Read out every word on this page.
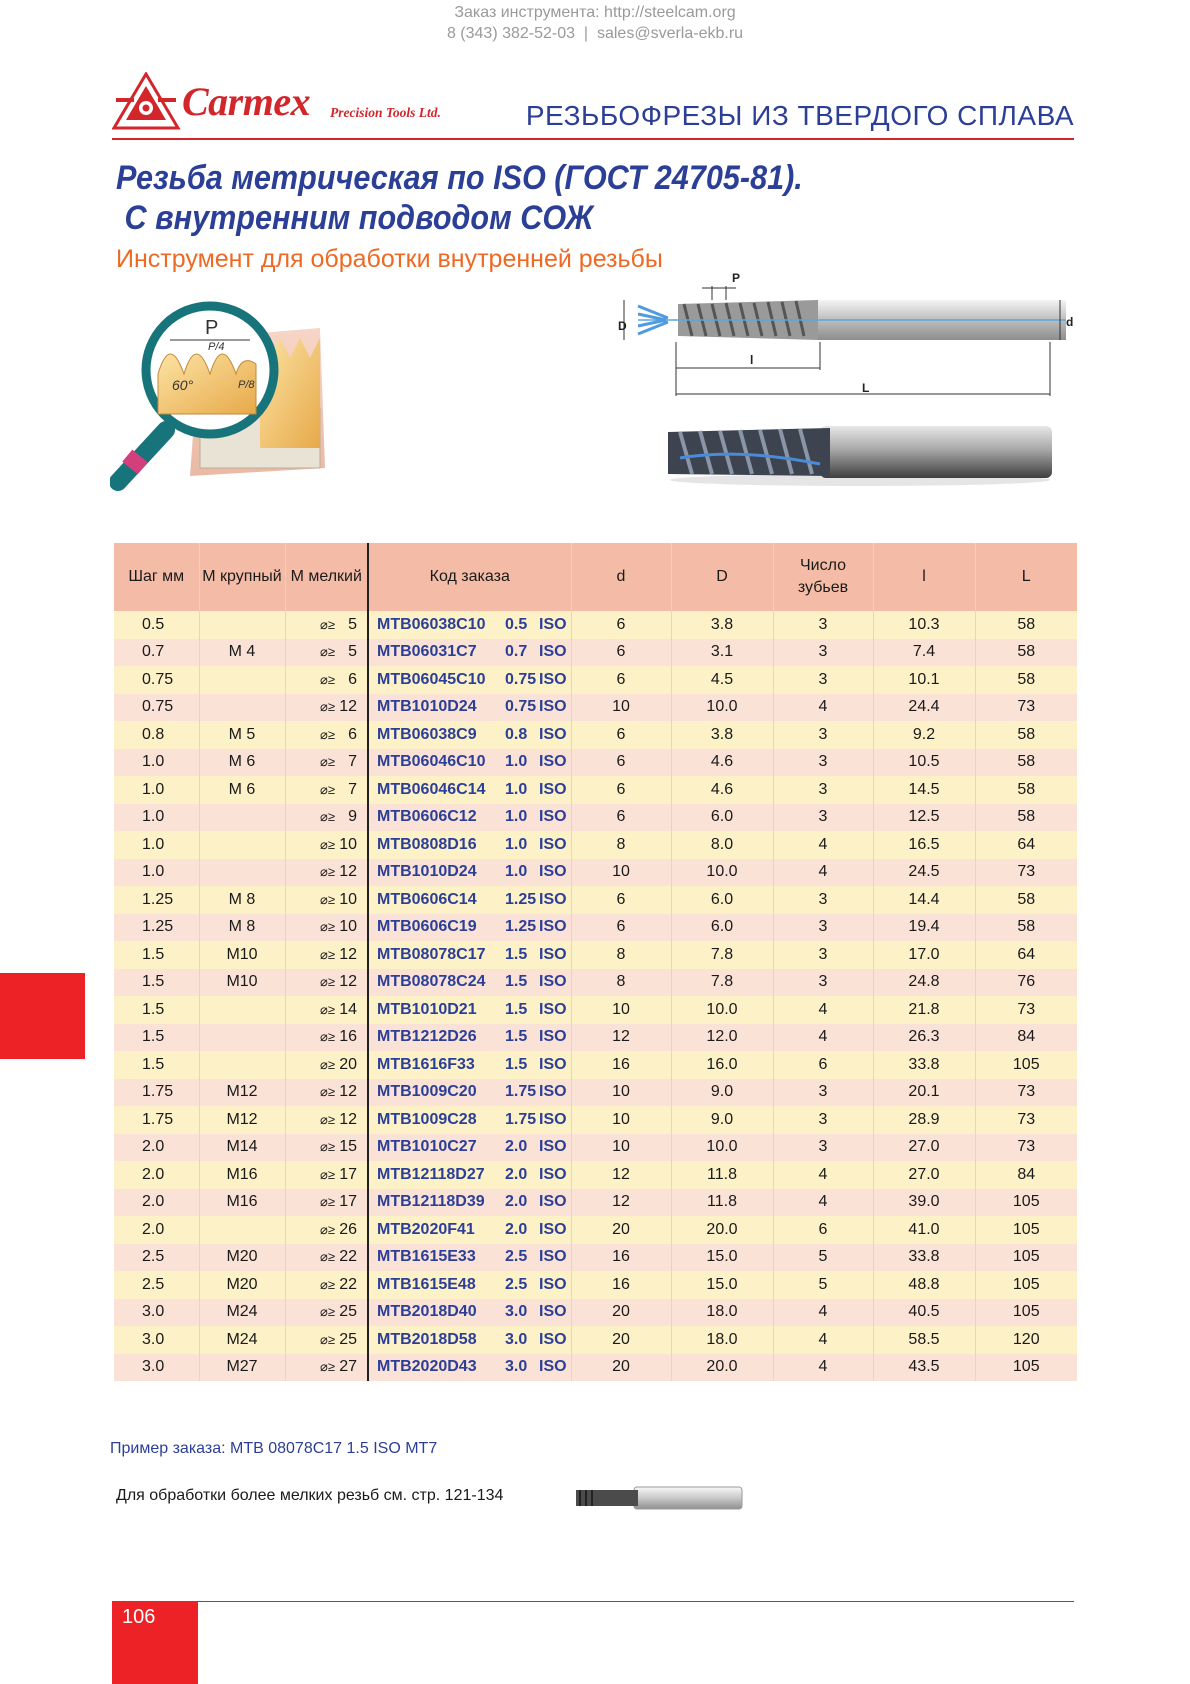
Заказ инструмента: http://steelcam.org
8 (343) 382-52-03  |  sales@sverla-ekb.ru
Carmex Precision Tools Ltd.	РЕЗЬБОФРЕЗЫ ИЗ ТВЕРДОГО СПЛАВА
Резьба метрическая по ISO (ГОСТ 24705-81).
С внутренним подводом СОЖ
Инструмент для обработки внутренней резьбы
P
P/4
P/8
60°
P
D	d
l
L
Шаг мм	M крупный	M мелкий	Код заказа	d	D	Число зубьев	l	L
0.5		⌀≥ 5	MTB06038C10 0.5 ISO	6	3.8	3	10.3	58
0.7	M 4	⌀≥ 5	MTB06031C7 0.7 ISO	6	3.1	3	7.4	58
0.75		⌀≥ 6	MTB06045C10 0.75 ISO	6	4.5	3	10.1	58
0.75		⌀≥ 12	MTB1010D24 0.75 ISO	10	10.0	4	24.4	73
0.8	M 5	⌀≥ 6	MTB06038C9 0.8 ISO	6	3.8	3	9.2	58
1.0	M 6	⌀≥ 7	MTB06046C10 1.0 ISO	6	4.6	3	10.5	58
1.0	M 6	⌀≥ 7	MTB06046C14 1.0 ISO	6	4.6	3	14.5	58
1.0		⌀≥ 9	MTB0606C12 1.0 ISO	6	6.0	3	12.5	58
1.0		⌀≥ 10	MTB0808D16 1.0 ISO	8	8.0	4	16.5	64
1.0		⌀≥ 12	MTB1010D24 1.0 ISO	10	10.0	4	24.5	73
1.25	M 8	⌀≥ 10	MTB0606C14 1.25 ISO	6	6.0	3	14.4	58
1.25	M 8	⌀≥ 10	MTB0606C19 1.25 ISO	6	6.0	3	19.4	58
1.5	M10	⌀≥ 12	MTB08078C17 1.5 ISO	8	7.8	3	17.0	64
1.5	M10	⌀≥ 12	MTB08078C24 1.5 ISO	8	7.8	3	24.8	76
1.5		⌀≥ 14	MTB1010D21 1.5 ISO	10	10.0	4	21.8	73
1.5		⌀≥ 16	MTB1212D26 1.5 ISO	12	12.0	4	26.3	84
1.5		⌀≥ 20	MTB1616F33 1.5 ISO	16	16.0	6	33.8	105
1.75	M12	⌀≥ 12	MTB1009C20 1.75 ISO	10	9.0	3	20.1	73
1.75	M12	⌀≥ 12	MTB1009C28 1.75 ISO	10	9.0	3	28.9	73
2.0	M14	⌀≥ 15	MTB1010C27 2.0 ISO	10	10.0	3	27.0	73
2.0	M16	⌀≥ 17	MTB12118D27 2.0 ISO	12	11.8	4	27.0	84
2.0	M16	⌀≥ 17	MTB12118D39 2.0 ISO	12	11.8	4	39.0	105
2.0		⌀≥ 26	MTB2020F41 2.0 ISO	20	20.0	6	41.0	105
2.5	M20	⌀≥ 22	MTB1615E33 2.5 ISO	16	15.0	5	33.8	105
2.5	M20	⌀≥ 22	MTB1615E48 2.5 ISO	16	15.0	5	48.8	105
3.0	M24	⌀≥ 25	MTB2018D40 3.0 ISO	20	18.0	4	40.5	105
3.0	M24	⌀≥ 25	MTB2018D58 3.0 ISO	20	18.0	4	58.5	120
3.0	M27	⌀≥ 27	MTB2020D43 3.0 ISO	20	20.0	4	43.5	105
Пример заказа: MTB 08078C17 1.5 ISO MT7
Для обработки более мелких резьб см. стр. 121-134
106
